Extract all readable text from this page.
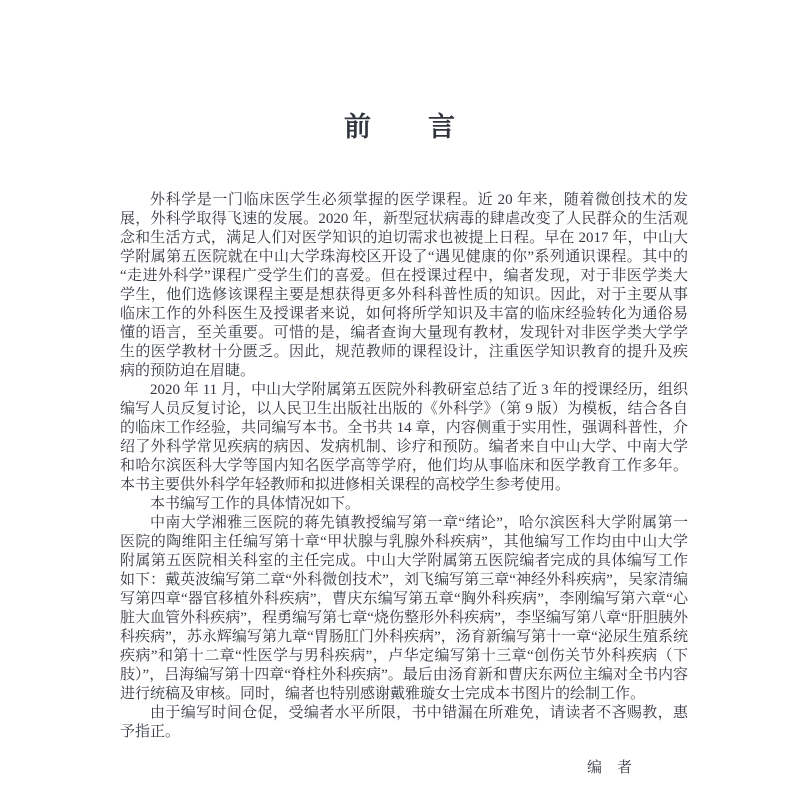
前　　言

外科学是一门临床医学生必须掌握的医学课程。近 20 年来，随着微创技术的发展，外科学取得飞速的发展。2020 年，新型冠状病毒的肆虐改变了人民群众的生活观念和生活方式，满足人们对医学知识的迫切需求也被提上日程。早在 2017 年，中山大学附属第五医院就在中山大学珠海校区开设了“遇见健康的你”系列通识课程。其中的“走进外科学”课程广受学生们的喜爱。但在授课过程中，编者发现，对于非医学类大学生，他们选修该课程主要是想获得更多外科科普性质的知识。因此，对于主要从事临床工作的外科医生及授课者来说，如何将所学知识及丰富的临床经验转化为通俗易懂的语言，至关重要。可惜的是，编者查询大量现有教材，发现针对非医学类大学学生的医学教材十分匮乏。因此，规范教师的课程设计，注重医学知识教育的提升及疾病的预防迫在眉睫。

2020 年 11 月，中山大学附属第五医院外科教研室总结了近 3 年的授课经历，组织编写人员反复讨论，以人民卫生出版社出版的《外科学》（第 9 版）为模板，结合各自的临床工作经验，共同编写本书。全书共 14 章，内容侧重于实用性，强调科普性，介绍了外科学常见疾病的病因、发病机制、诊疗和预防。编者来自中山大学、中南大学和哈尔滨医科大学等国内知名医学高等学府，他们均从事临床和医学教育工作多年。本书主要供外科学年轻教师和拟进修相关课程的高校学生参考使用。

本书编写工作的具体情况如下。

中南大学湘雅三医院的蒋先镇教授编写第一章“绪论”，哈尔滨医科大学附属第一医院的陶维阳主任编写第十章“甲状腺与乳腺外科疾病”，其他编写工作均由中山大学附属第五医院相关科室的主任完成。中山大学附属第五医院编者完成的具体编写工作如下：戴英波编写第二章“外科微创技术”，刘飞编写第三章“神经外科疾病”，吴家清编写第四章“器官移植外科疾病”，曹庆东编写第五章“胸外科疾病”，李刚编写第六章“心脏大血管外科疾病”，程勇编写第七章“烧伤整形外科疾病”，李坚编写第八章“肝胆胰外科疾病”，苏永辉编写第九章“胃肠肛门外科疾病”，汤育新编写第十一章“泌尿生殖系统疾病”和第十二章“性医学与男科疾病”，卢华定编写第十三章“创伤关节外科疾病（下肢）”，吕海编写第十四章“脊柱外科疾病”。最后由汤育新和曹庆东两位主编对全书内容进行统稿及审核。同时，编者也特别感谢戴雅璇女士完成本书图片的绘制工作。

由于编写时间仓促，受编者水平所限，书中错漏在所难免，请读者不吝赐教，惠予指正。

编　者
